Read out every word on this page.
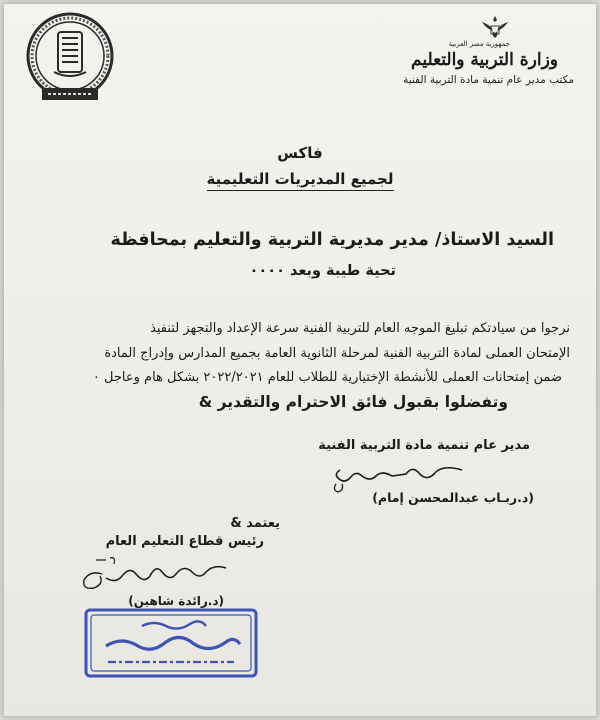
جمهورية مصر العربية
وزارة التربية والتعليم
مكتب مدير عام تنمية مادة التربية الفنية
فاكس
لجميع المديريات التعليمية
السيد الاستاذ/ مدير مديرية التربية والتعليم بمحافظة
تحية طيبة وبعد ٠٠٠٠
نرجوا من سيادتكم تبليغ الموجه العام للتربية الفنية سرعة الإعداد والتجهز لتنفيذ
الإمتحان العملى لمادة التربية الفنية لمرحلة الثانوية العامة بجميع المدارس وإدراج المادة
ضمن إمتحانات العملى للأنشطة الإختيارية للطلاب للعام ٢٠٢٢/٢٠٢١ بشكل هام وعاجل ٠
وتفضلوا بقبول فائق الاحترام والتقدير &
مدير عام تنمية مادة التربية الفنية
(د.ربـاب عبدالمحسن إمام)
يعتمد &
رئيس قطاع التعليم العام
(د.رائدة شاهين)
